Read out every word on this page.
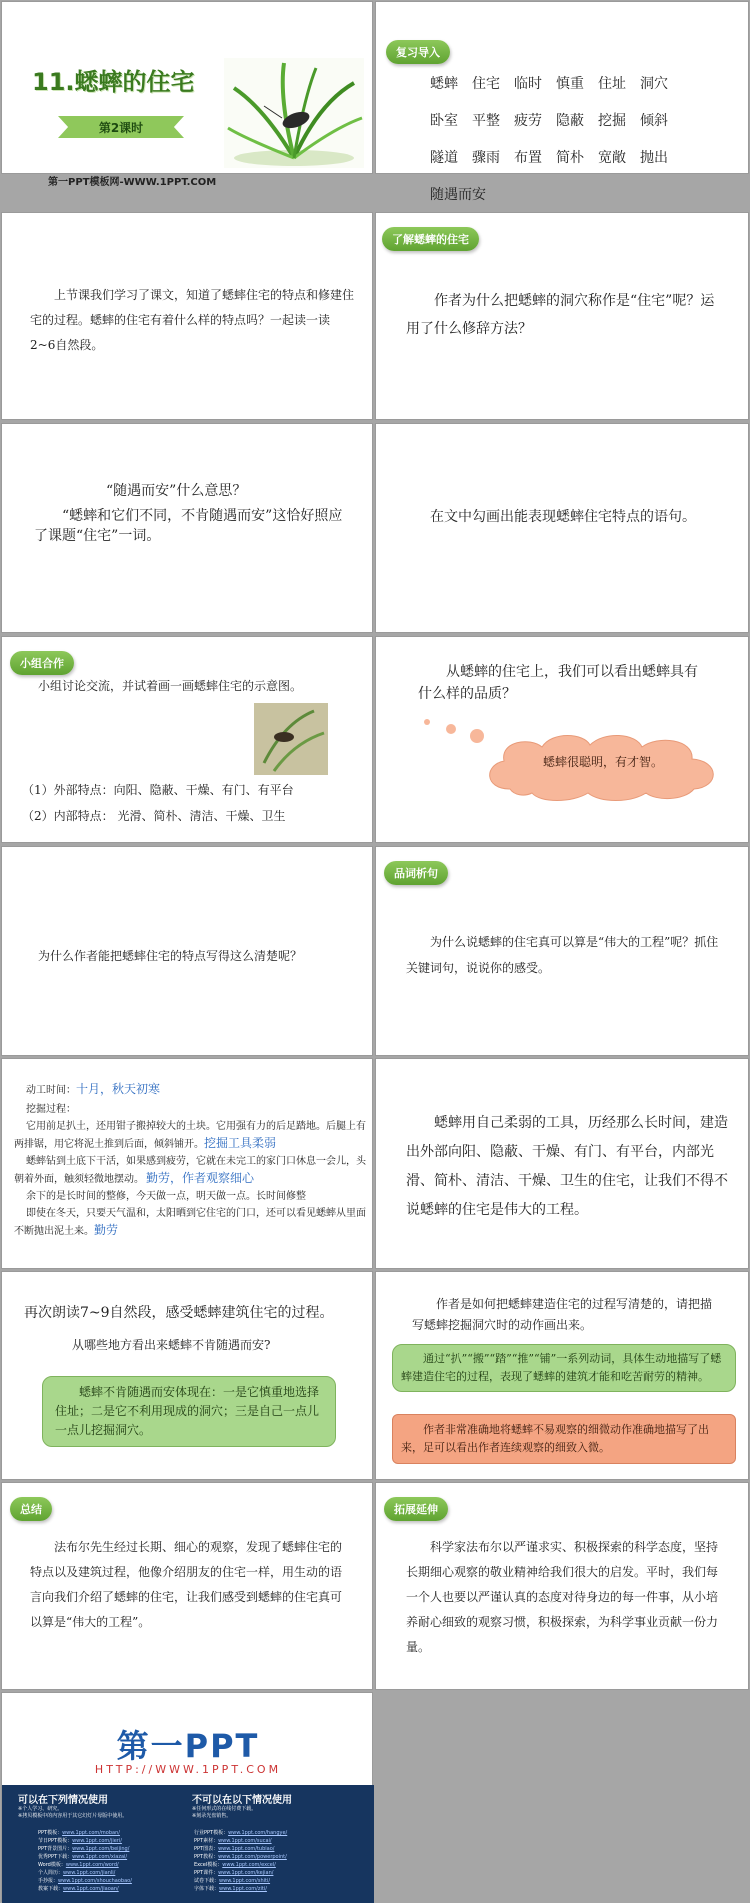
11.蟋蟀的住宅
第2课时
第一PPT模板网-WWW.1PPT.COM
复习导入
蟋蟀 住宅 临时 慎重 住址 洞穴
卧室 平整 疲劳 隐蔽 挖掘 倾斜
隧道 骤雨 布置 简朴 宽敞 抛出
随遇而安
上节课我们学习了课文，知道了蟋蟀住宅的特点和修建住宅的过程。蟋蟀的住宅有着什么样的特点吗？一起读一读2~6自然段。
了解蟋蟀的住宅
作者为什么把蟋蟀的洞穴称作是“住宅”呢？运用了什么修辞方法？
“随遇而安”什么意思？
“蟋蟀和它们不同，不肯随遇而安”这恰好照应了课题“住宅”一词。
在文中勾画出能表现蟋蟀住宅特点的语句。
小组合作
小组讨论交流，并试着画一画蟋蟀住宅的示意图。
（1）外部特点：向阳、隐蔽、干燥、有门、有平台
（2）内部特点： 光滑、简朴、清洁、干燥、卫生
从蟋蟀的住宅上，我们可以看出蟋蟀具有什么样的品质？
蟋蟀很聪明，有才智。
为什么作者能把蟋蟀住宅的特点写得这么清楚呢？
品词析句
为什么说蟋蟀的住宅真可以算是“伟大的工程”呢？抓住关键词句，说说你的感受。
动工时间：十月，秋天初寒
挖掘过程：
它用前足扒土，还用钳子搬掉较大的土块。它用强有力的后足踏地。后腿上有两排锯，用它将泥土推到后面，倾斜铺开。挖掘工具柔弱
蟋蟀钻到土底下干活，如果感到疲劳，它就在未完工的家门口休息一会儿，头朝着外面，触须轻微地摆动。 勤劳，作者观察细心
余下的是长时间的整修，今天做一点，明天做一点。长时间修整
即使在冬天，只要天气温和，太阳晒到它住宅的门口，还可以看见蟋蟀从里面不断抛出泥土来。勤劳
蟋蟀用自己柔弱的工具，历经那么长时间，建造出外部向阳、隐蔽、干燥、有门、有平台，内部光滑、简朴、清洁、干燥、卫生的住宅，让我们不得不说蟋蟀的住宅是伟大的工程。
再次朗读7~9自然段，感受蟋蟀建筑住宅的过程。
从哪些地方看出来蟋蟀不肯随遇而安?
蟋蟀不肯随遇而安体现在：一是它慎重地选择住址；二是它不利用现成的洞穴；三是自己一点儿一点儿挖掘洞穴。
作者是如何把蟋蟀建造住宅的过程写清楚的，请把描写蟋蟀挖掘洞穴时的动作画出来。
通过“扒”“搬”“踏”“推”“铺”一系列动词，具体生动地描写了蟋蟀建造住宅的过程，表现了蟋蟀的建筑才能和吃苦耐劳的精神。
作者非常准确地将蟋蟀不易观察的细微动作准确地描写了出来，足可以看出作者连续观察的细致入微。
总结
法布尔先生经过长期、细心的观察，发现了蟋蟀住宅的特点以及建筑过程，他像介绍朋友的住宅一样，用生动的语言向我们介绍了蟋蟀的住宅，让我们感受到蟋蟀的住宅真可以算是“伟大的工程”。
拓展延伸
科学家法布尔以严谨求实、积极探索的科学态度，坚持长期细心观察的敬业精神给我们很大的启发。平时，我们每一个人也要以严谨认真的态度对待身边的每一件事，从小培养耐心细致的观察习惯，积极探索，为科学事业贡献一份力量。
第一PPT
HTTP://WWW.1PPT.COM
可以在下列情况使用
※个人学习、研究。
※拷贝模板中的内容用于其它幻灯片母版中使用。
不可以在以下情况使用
※任何形式的在线付费下载。
※刻录光盘销售。
PPT模板：www.1ppt.com/moban/
节日PPT模板：www.1ppt.com/jieri/
PPT背景图片：www.1ppt.com/beijing/
优秀PPT下载：www.1ppt.com/xiazai/
Word模板：www.1ppt.com/word/
个人简历：www.1ppt.com/jianli/
手抄报：www.1ppt.com/shouchaobao/
教案下载：www.1ppt.com/jiaoan/
行业PPT模板：www.1ppt.com/hangye/
PPT素材：www.1ppt.com/sucai/
PPT图表：www.1ppt.com/tubiao/
PPT教程：www.1ppt.com/powerpoint/
Excel模板：www.1ppt.com/excel/
PPT课件：www.1ppt.com/kejian/
试卷下载：www.1ppt.com/shiti/
字体下载：www.1ppt.com/ziti/
